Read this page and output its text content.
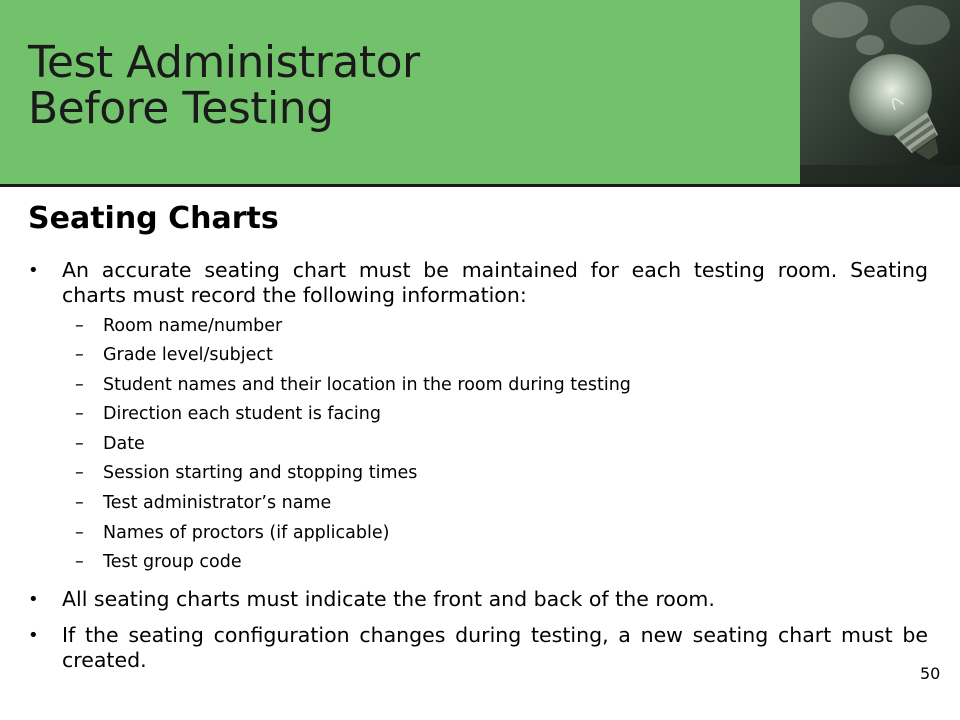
Test Administrator
Before Testing
Seating Charts
• An accurate seating chart must be maintained for each testing room. Seating charts must record the following information:
– Room name/number
– Grade level/subject
– Student names and their location in the room during testing
– Direction each student is facing
– Date
– Session starting and stopping times
– Test administrator’s name
– Names of proctors (if applicable)
– Test group code
• All seating charts must indicate the front and back of the room.
• If the seating configuration changes during testing, a new seating chart must be created.
50
